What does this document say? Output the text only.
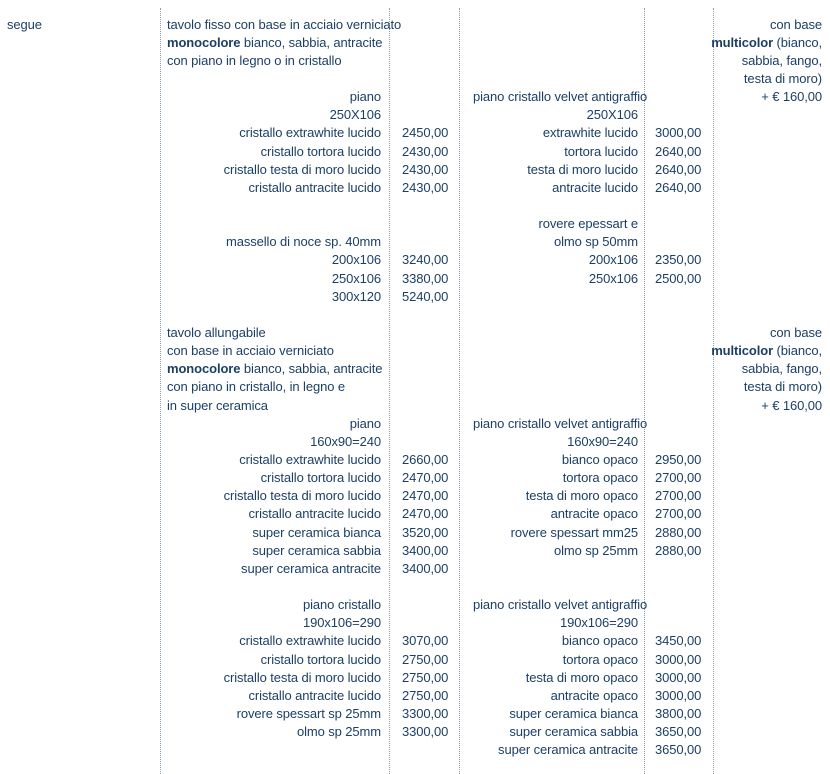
segue	tavolo fisso con base in acciaio verniciato
monocolore bianco, sabbia, antracite
con piano in legno o in cristallo
con base
multicolor (bianco,
sabbia, fango,
testa di moro)
+ € 160,00
piano
250X106
piano cristallo velvet antigraffio
250X106
cristallo extrawhite lucido 2450,00
cristallo tortora lucido 2430,00
cristallo testa di moro lucido 2430,00
cristallo antracite lucido 2430,00
extrawhite lucido 3000,00
tortora lucido 2640,00
testa di moro lucido 2640,00
antracite lucido 2640,00
rovere epessart e
massello di noce sp. 40mm	olmo sp 50mm
200x106 3240,00
250x106 3380,00
300x120 5240,00
200x106 2350,00
250x106 2500,00
tavolo allungabile
con base in acciaio verniciato
monocolore bianco, sabbia, antracite
con piano in cristallo, in legno e
in super ceramica
con base
multicolor (bianco,
sabbia, fango,
testa di moro)
+ € 160,00
piano
160x90=240
piano cristallo velvet antigraffio
160x90=240
cristallo extrawhite lucido 2660,00
cristallo tortora lucido 2470,00
cristallo testa di moro lucido 2470,00
cristallo antracite lucido 2470,00
super ceramica bianca 3520,00
super ceramica sabbia 3400,00
super ceramica antracite 3400,00
bianco opaco 2950,00
tortora opaco 2700,00
testa di moro opaco 2700,00
antracite opaco 2700,00
rovere spessart mm25 2880,00
olmo sp 25mm 2880,00
piano cristallo
190x106=290
piano cristallo velvet antigraffio
190x106=290
cristallo extrawhite lucido 3070,00
cristallo tortora lucido 2750,00
cristallo testa di moro lucido 2750,00
cristallo antracite lucido 2750,00
rovere spessart sp 25mm 3300,00
olmo sp 25mm 3300,00
bianco opaco 3450,00
tortora opaco 3000,00
testa di moro opaco 3000,00
antracite opaco 3000,00
super ceramica bianca 3800,00
super ceramica sabbia 3650,00
super ceramica antracite 3650,00
